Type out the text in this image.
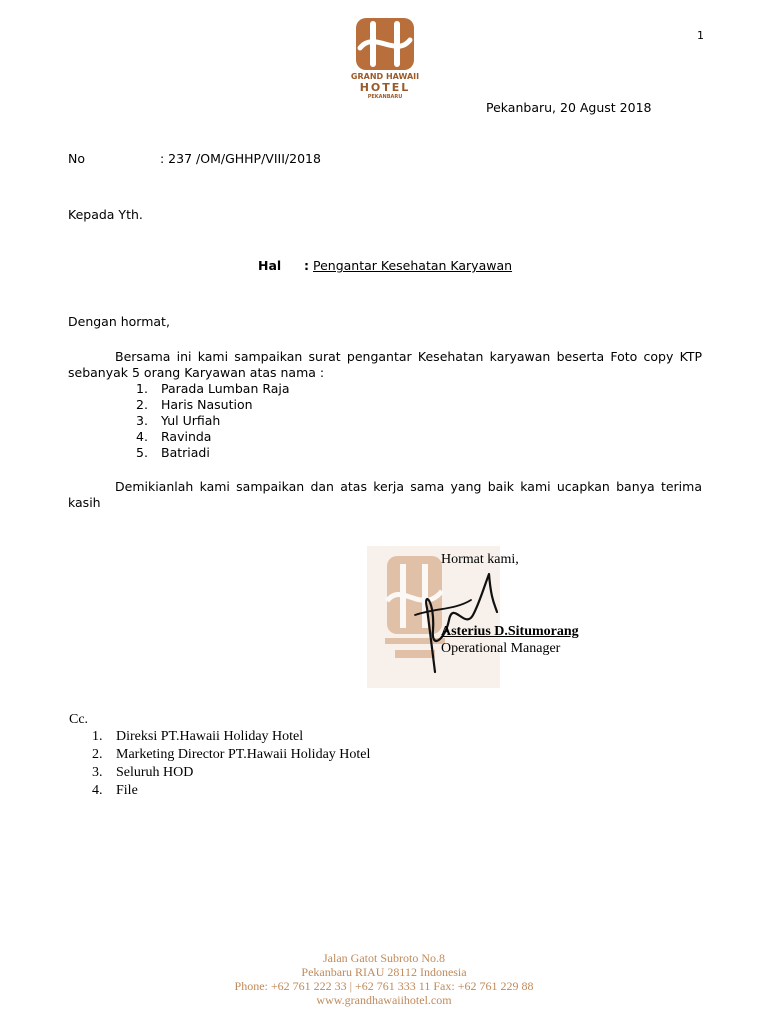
GRAND HAWAII
HOTEL
PEKANBARU
1
Pekanbaru, 20 Agust 2018
No	: 237 /OM/GHHP/VIII/2018
Kepada Yth.
Hal : Pengantar Kesehatan Karyawan
Dengan hormat,

Bersama ini kami sampaikan surat pengantar Kesehatan karyawan beserta Foto copy KTP sebanyak 5 orang Karyawan atas nama :

1. Parada Lumban Raja
2. Haris Nasution
3. Yul Urfiah
4. Ravinda
5. Batriadi

Demikianlah kami sampaikan dan atas kerja sama yang baik kami ucapkan banya terima kasih

Hormat kami,
Asterius D.Situmorang
Operational Manager
Cc.
1. Direksi PT.Hawaii Holiday Hotel
2. Marketing Director PT.Hawaii Holiday Hotel
3. Seluruh HOD
4. File
Jalan Gatot Subroto No.8
Pekanbaru RIAU 28112 Indonesia
Phone: +62 761 222 33 | +62 761 333 11 Fax: +62 761 229 88
www.grandhawaiihotel.com
